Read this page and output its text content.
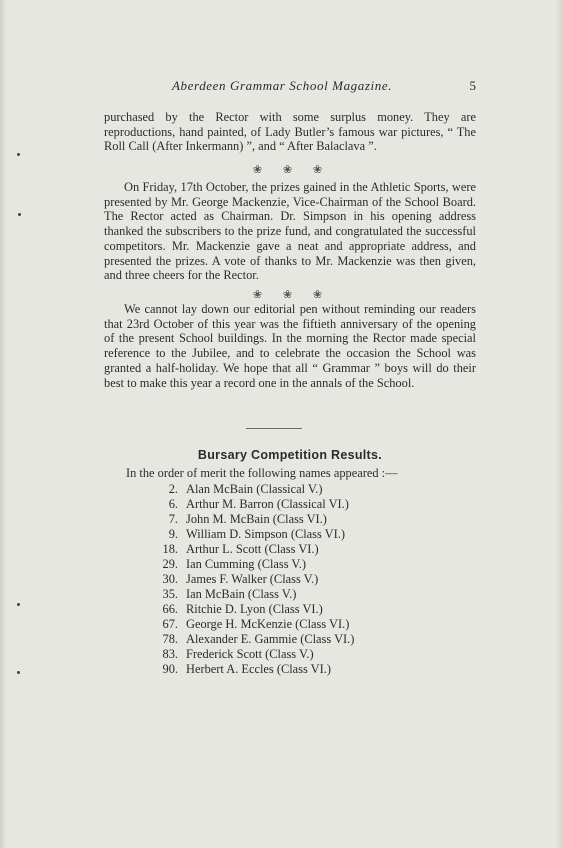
Aberdeen Grammar School Magazine.	5

purchased by the Rector with some surplus money. They are reproductions, hand painted, of Lady Butler’s famous war pictures, “ The Roll Call (After Inkermann) ”, and “ After Balaclava ”.

❀ ❀ ❀

On Friday, 17th October, the prizes gained in the Athletic Sports, were presented by Mr. George Mackenzie, Vice-Chairman of the School Board. The Rector acted as Chairman. Dr. Simpson in his opening address thanked the subscribers to the prize fund, and congratulated the successful competitors. Mr. Mackenzie gave a neat and appropriate address, and presented the prizes. A vote of thanks to Mr. Mackenzie was then given, and three cheers for the Rector.

❀ ❀ ❀

We cannot lay down our editorial pen without reminding our readers that 23rd October of this year was the fiftieth anniversary of the opening of the present School buildings. In the morning the Rector made special reference to the Jubilee, and to celebrate the occasion the School was granted a half-holiday. We hope that all “ Grammar ” boys will do their best to make this year a record one in the annals of the School.

Bursary Competition Results.
In the order of merit the following names appeared :—
2. Alan McBain (Classical V.)
6. Arthur M. Barron (Classical VI.)
7. John M. McBain (Class VI.)
9. William D. Simpson (Class VI.)
18. Arthur L. Scott (Class VI.)
29. Ian Cumming (Class V.)
30. James F. Walker (Class V.)
35. Ian McBain (Class V.)
66. Ritchie D. Lyon (Class VI.)
67. George H. McKenzie (Class VI.)
78. Alexander E. Gammie (Class VI.)
83. Frederick Scott (Class V.)
90. Herbert A. Eccles (Class VI.)
